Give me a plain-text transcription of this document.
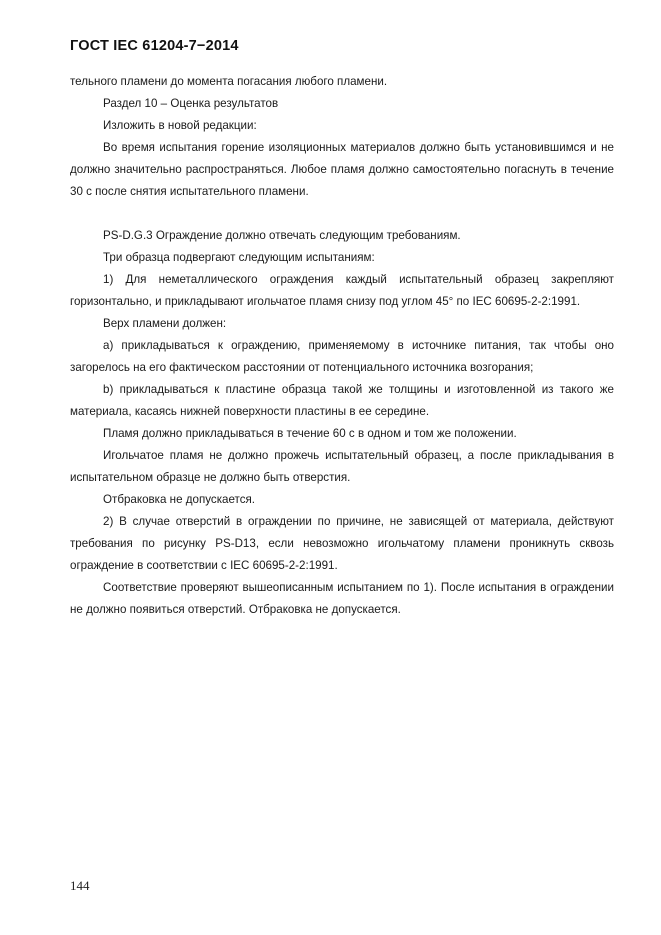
ГОСТ IEC 61204-7−2014

тельного пламени до момента погасания любого пламени.

Раздел 10 – Оценка результатов

Изложить в новой редакции:

Во время испытания горение изоляционных материалов должно быть установившимся и не должно значительно распространяться. Любое пламя должно самостоятельно погаснуть в течение 30 с после снятия испытательного пламени.

PS-D.G.3 Ограждение должно отвечать следующим требованиям.

Три образца подвергают следующим испытаниям:

1) Для неметаллического ограждения каждый испытательный образец закрепляют горизонтально, и прикладывают игольчатое пламя снизу под углом 45° по IEC 60695-2-2:1991.

Верх пламени должен:

а) прикладываться к ограждению, применяемому в источнике питания, так чтобы оно загорелось на его фактическом расстоянии от потенциального источника возгорания;

b) прикладываться к пластине образца такой же толщины и изготовленной из такого же материала, касаясь нижней поверхности пластины в ее середине.

Пламя должно прикладываться в течение 60 с в одном и том же положении.

Игольчатое пламя не должно прожечь испытательный образец, а после прикладывания в испытательном образце не должно быть отверстия.

Отбраковка не допускается.

2) В случае отверстий в ограждении по причине, не зависящей от материала, действуют требования по рисунку PS-D13, если невозможно игольчатому пламени проникнуть сквозь ограждение в соответствии с IEC 60695-2-2:1991.

Соответствие проверяют вышеописанным испытанием по 1). После испытания в ограждении не должно появиться отверстий. Отбраковка не допускается.

144
